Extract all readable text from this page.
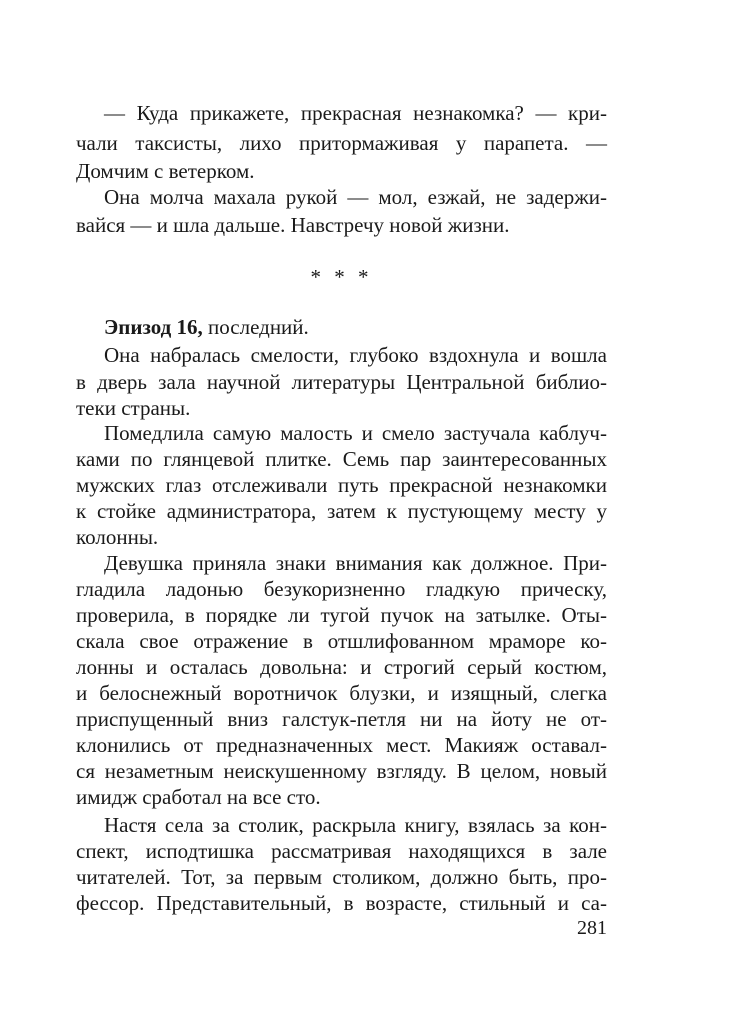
— Куда прикажете, прекрасная незнакомка? — кри-
чали таксисты, лихо притормаживая у парапета. —
Домчим с ветерком.
Она молча махала рукой — мол, езжай, не задержи-
вайся — и шла дальше. Навстречу новой жизни.
* * *
Эпизод 16, последний.
Она набралась смелости, глубоко вздохнула и вошла
в дверь зала научной литературы Центральной библио-
теки страны.
Помедлила самую малость и смело застучала каблуч-
ками по глянцевой плитке. Семь пар заинтересованных
мужских глаз отслеживали путь прекрасной незнакомки
к стойке администратора, затем к пустующему месту у
колонны.
Девушка приняла знаки внимания как должное. При-
гладила ладонью безукоризненно гладкую прическу,
проверила, в порядке ли тугой пучок на затылке. Оты-
скала свое отражение в отшлифованном мраморе ко-
лонны и осталась довольна: и строгий серый костюм,
и белоснежный воротничок блузки, и изящный, слегка
приспущенный вниз галстук-петля ни на йоту не от-
клонились от предназначенных мест. Макияж оставал-
ся незаметным неискушенному взгляду. В целом, новый
имидж сработал на все сто.
Настя села за столик, раскрыла книгу, взялась за кон-
спект, исподтишка рассматривая находящихся в зале
читателей. Тот, за первым столиком, должно быть, про-
фессор. Представительный, в возрасте, стильный и са-
281
